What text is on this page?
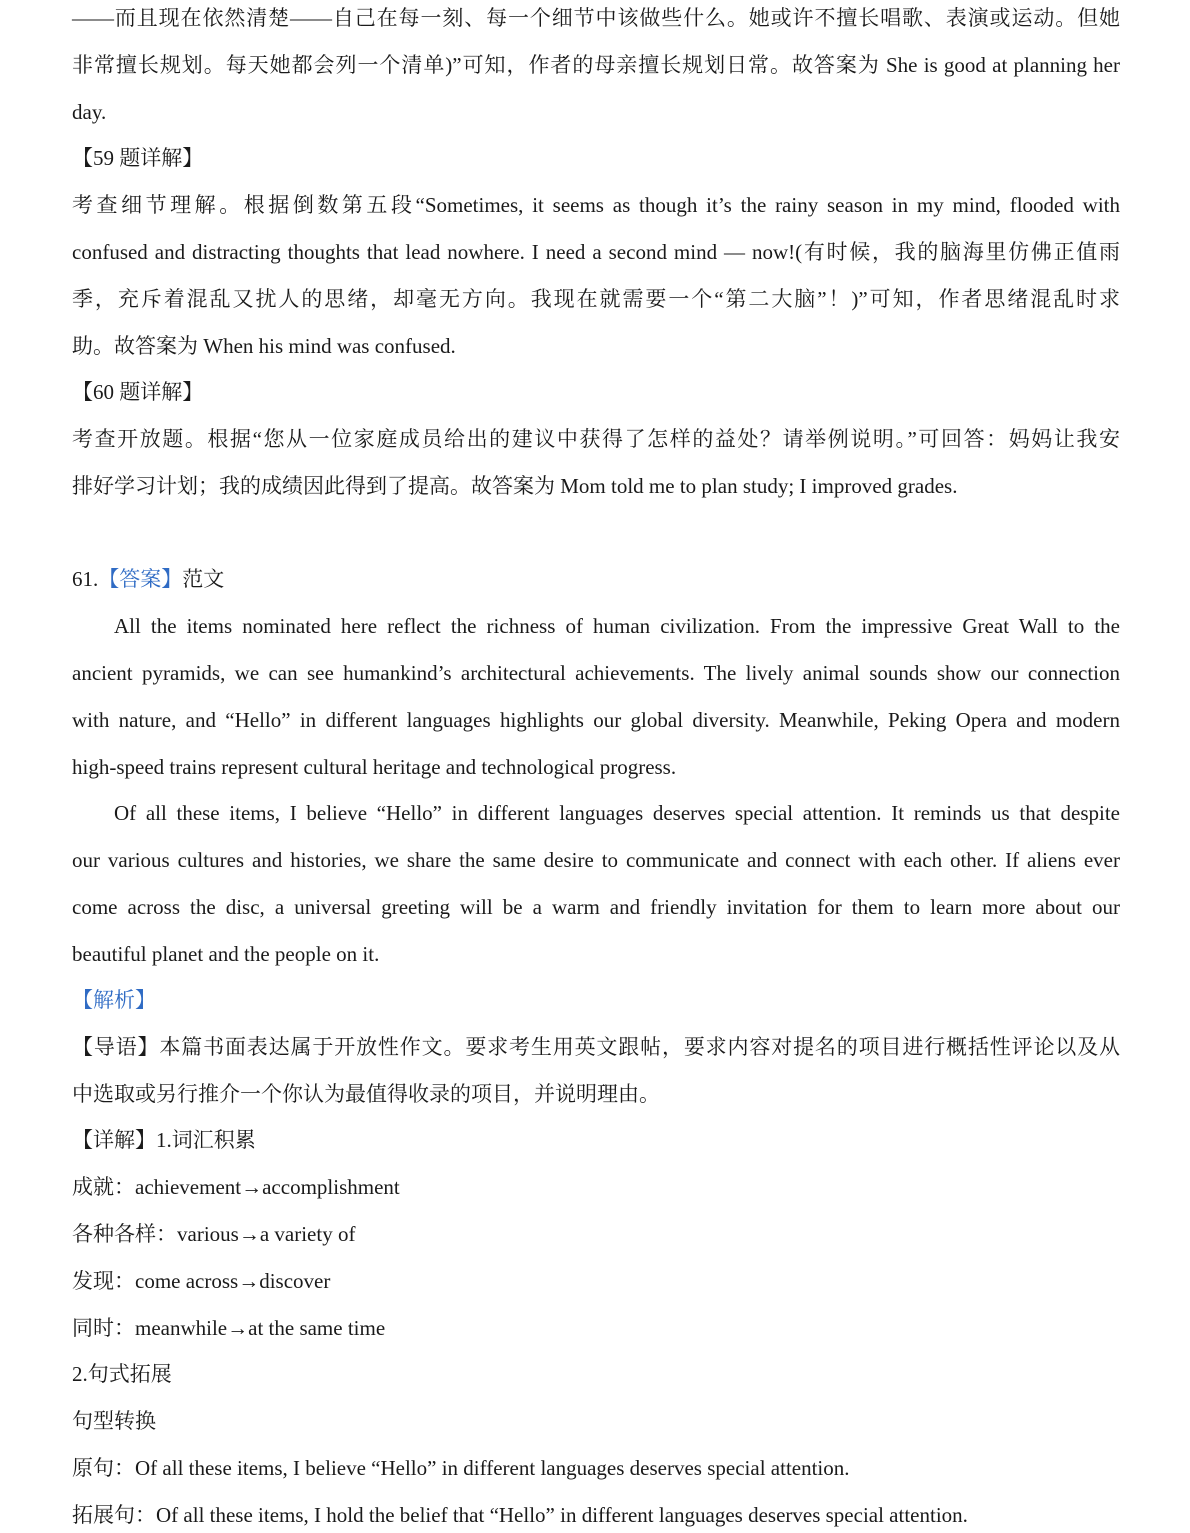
——而且现在依然清楚——自己在每一刻、每一个细节中该做些什么。她或许不擅长唱歌、表演或运动。但她
非常擅长规划。每天她都会列一个清单)”可知，作者的母亲擅长规划日常。故答案为 She is good at planning her
day.
【59 题详解】
考查细节理解。根据倒数第五段“Sometimes, it seems as though it’s the rainy season in my mind, flooded with
confused and distracting thoughts that lead nowhere. I need a second mind — now!(有时候，我的脑海里仿佛正值雨
季，充斥着混乱又扰人的思绪，却毫无方向。我现在就需要一个“第二大脑”！)”可知，作者思绪混乱时求
助。故答案为 When his mind was confused.
【60 题详解】
考查开放题。根据“您从一位家庭成员给出的建议中获得了怎样的益处？请举例说明。”可回答：妈妈让我安
排好学习计划；我的成绩因此得到了提高。故答案为 Mom told me to plan study; I improved grades.
61.【答案】范文
All the items nominated here reflect the richness of human civilization. From the impressive Great Wall to the
ancient pyramids, we can see humankind’s architectural achievements. The lively animal sounds show our connection
with nature, and “Hello” in different languages highlights our global diversity. Meanwhile, Peking Opera and modern
high-speed trains represent cultural heritage and technological progress.
Of all these items, I believe “Hello” in different languages deserves special attention. It reminds us that despite
our various cultures and histories, we share the same desire to communicate and connect with each other. If aliens ever
come across the disc, a universal greeting will be a warm and friendly invitation for them to learn more about our
beautiful planet and the people on it.
【解析】
【导语】本篇书面表达属于开放性作文。要求考生用英文跟帖，要求内容对提名的项目进行概括性评论以及从
中选取或另行推介一个你认为最值得收录的项目，并说明理由。
【详解】1.词汇积累
成就：achievement→accomplishment
各种各样：various→a variety of
发现：come across→discover
同时：meanwhile→at the same time
2.句式拓展
句型转换
原句：Of all these items, I believe “Hello” in different languages deserves special attention.
拓展句：Of all these items, I hold the belief that “Hello” in different languages deserves special attention.
